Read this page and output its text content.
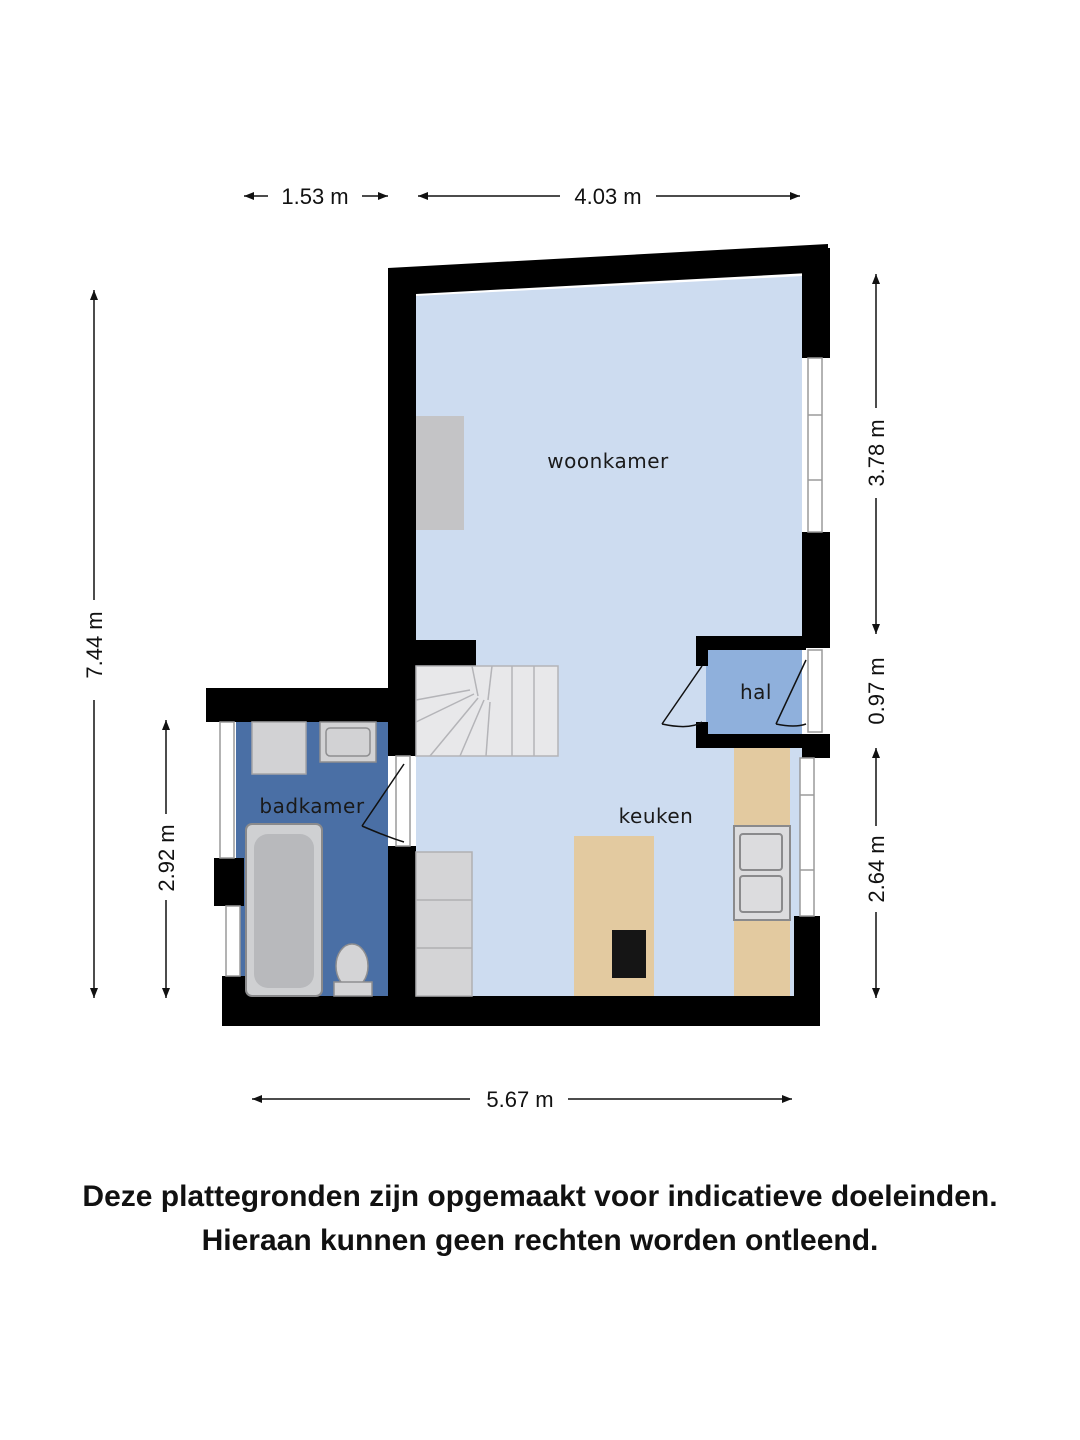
woonkamer
hal
badkamer	keuken
1.53 m	4.03 m
7.44 m
2.92 m
3.78 m
0.97 m
2.64 m
5.67 m
Deze plattegronden zijn opgemaakt voor indicatieve doeleinden.
Hieraan kunnen geen rechten worden ontleend.
